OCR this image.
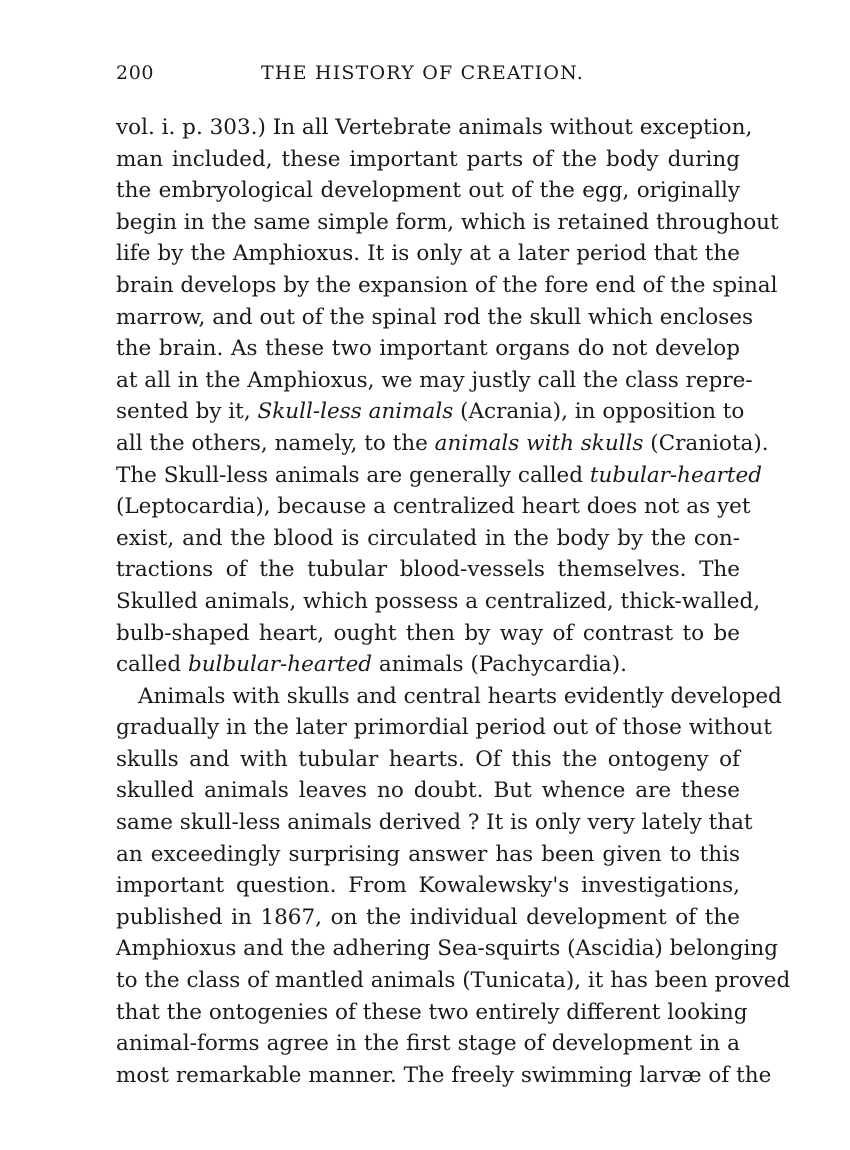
200	THE HISTORY OF CREATION.
vol. i. p. 303.) In all Vertebrate animals without exception,
man included, these important parts of the body during
the embryological development out of the egg, originally
begin in the same simple form, which is retained throughout
life by the Amphioxus. It is only at a later period that the
brain develops by the expansion of the fore end of the spinal
marrow, and out of the spinal rod the skull which encloses
the brain. As these two important organs do not develop
at all in the Amphioxus, we may justly call the class repre-
sented by it, Skull-less animals (Acrania), in opposition to
all the others, namely, to the animals with skulls (Craniota).
The Skull-less animals are generally called tubular-hearted
(Leptocardia), because a centralized heart does not as yet
exist, and the blood is circulated in the body by the con-
tractions of the tubular blood-vessels themselves. The
Skulled animals, which possess a centralized, thick-walled,
bulb-shaped heart, ought then by way of contrast to be
called bulbular-hearted animals (Pachycardia).
Animals with skulls and central hearts evidently developed
gradually in the later primordial period out of those without
skulls and with tubular hearts. Of this the ontogeny of
skulled animals leaves no doubt. But whence are these
same skull-less animals derived ? It is only very lately that
an exceedingly surprising answer has been given to this
important question. From Kowalewsky's investigations,
published in 1867, on the individual development of the
Amphioxus and the adhering Sea-squirts (Ascidia) belonging
to the class of mantled animals (Tunicata), it has been proved
that the ontogenies of these two entirely different looking
animal-forms agree in the first stage of development in a
most remarkable manner. The freely swimming larvæ of the
